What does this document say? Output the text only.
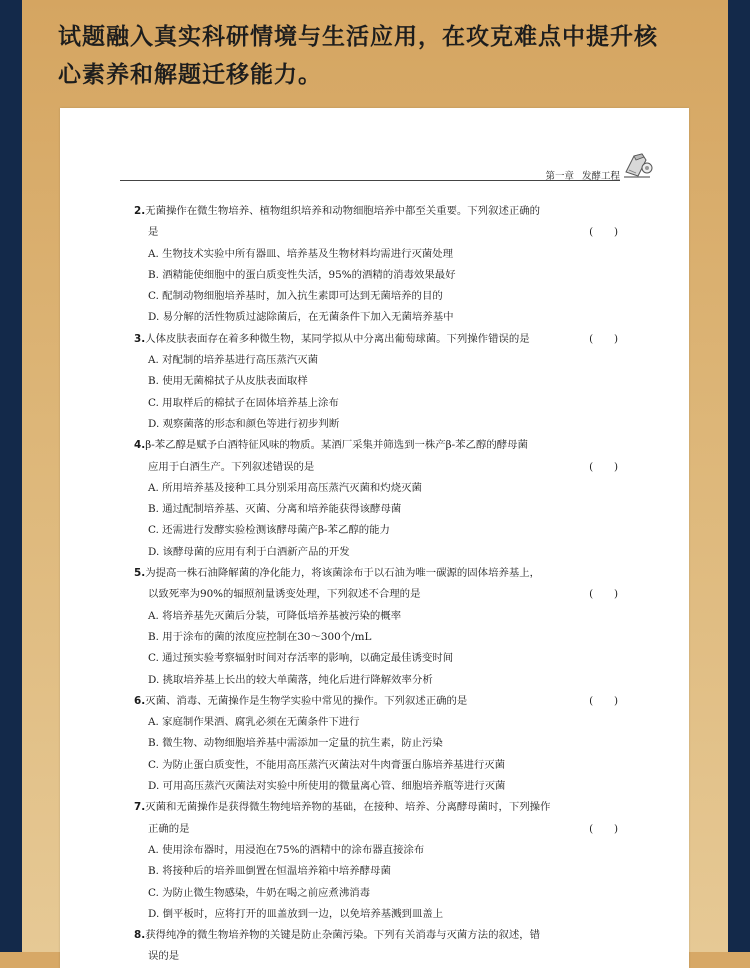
试题融入真实科研情境与生活应用，在攻克难点中提升核
心素养和解题迁移能力。
第一章 发酵工程
2.无菌操作在微生物培养、植物组织培养和动物细胞培养中都至关重要。下列叙述正确的
是	(　　)
A. 生物技术实验中所有器皿、培养基及生物材料均需进行灭菌处理
B. 酒精能使细胞中的蛋白质变性失活，95%的酒精的消毒效果最好
C. 配制动物细胞培养基时，加入抗生素即可达到无菌培养的目的
D. 易分解的活性物质过滤除菌后，在无菌条件下加入无菌培养基中
3.人体皮肤表面存在着多种微生物，某同学拟从中分离出葡萄球菌。下列操作错误的是	(　　)
A. 对配制的培养基进行高压蒸汽灭菌
B. 使用无菌棉拭子从皮肤表面取样
C. 用取样后的棉拭子在固体培养基上涂布
D. 观察菌落的形态和颜色等进行初步判断
4.β-苯乙醇是赋予白酒特征风味的物质。某酒厂采集并筛选到一株产β-苯乙醇的酵母菌
应用于白酒生产。下列叙述错误的是	(　　)
A. 所用培养基及接种工具分别采用高压蒸汽灭菌和灼烧灭菌
B. 通过配制培养基、灭菌、分离和培养能获得该酵母菌
C. 还需进行发酵实验检测该酵母菌产β-苯乙醇的能力
D. 该酵母菌的应用有利于白酒新产品的开发
5.为提高一株石油降解菌的净化能力，将该菌涂布于以石油为唯一碳源的固体培养基上，
以致死率为90%的辐照剂量诱变处理，下列叙述不合理的是	(　　)
A. 将培养基先灭菌后分装，可降低培养基被污染的概率
B. 用于涂布的菌的浓度应控制在30～300个/mL
C. 通过预实验考察辐射时间对存活率的影响，以确定最佳诱变时间
D. 挑取培养基上长出的较大单菌落，纯化后进行降解效率分析
6.灭菌、消毒、无菌操作是生物学实验中常见的操作。下列叙述正确的是	(　　)
A. 家庭制作果酒、腐乳必须在无菌条件下进行
B. 微生物、动物细胞培养基中需添加一定量的抗生素，防止污染
C. 为防止蛋白质变性，不能用高压蒸汽灭菌法对牛肉膏蛋白胨培养基进行灭菌
D. 可用高压蒸汽灭菌法对实验中所使用的微量离心管、细胞培养瓶等进行灭菌
7.灭菌和无菌操作是获得微生物纯培养物的基础，在接种、培养、分离酵母菌时，下列操作
正确的是	(　　)
A. 使用涂布器时，用浸泡在75%的酒精中的涂布器直接涂布
B. 将接种后的培养皿倒置在恒温培养箱中培养酵母菌
C. 为防止微生物感染，牛奶在喝之前应煮沸消毒
D. 倒平板时，应将打开的皿盖放到一边，以免培养基溅到皿盖上
8.获得纯净的微生物培养物的关键是防止杂菌污染。下列有关消毒与灭菌方法的叙述，错
误的是
